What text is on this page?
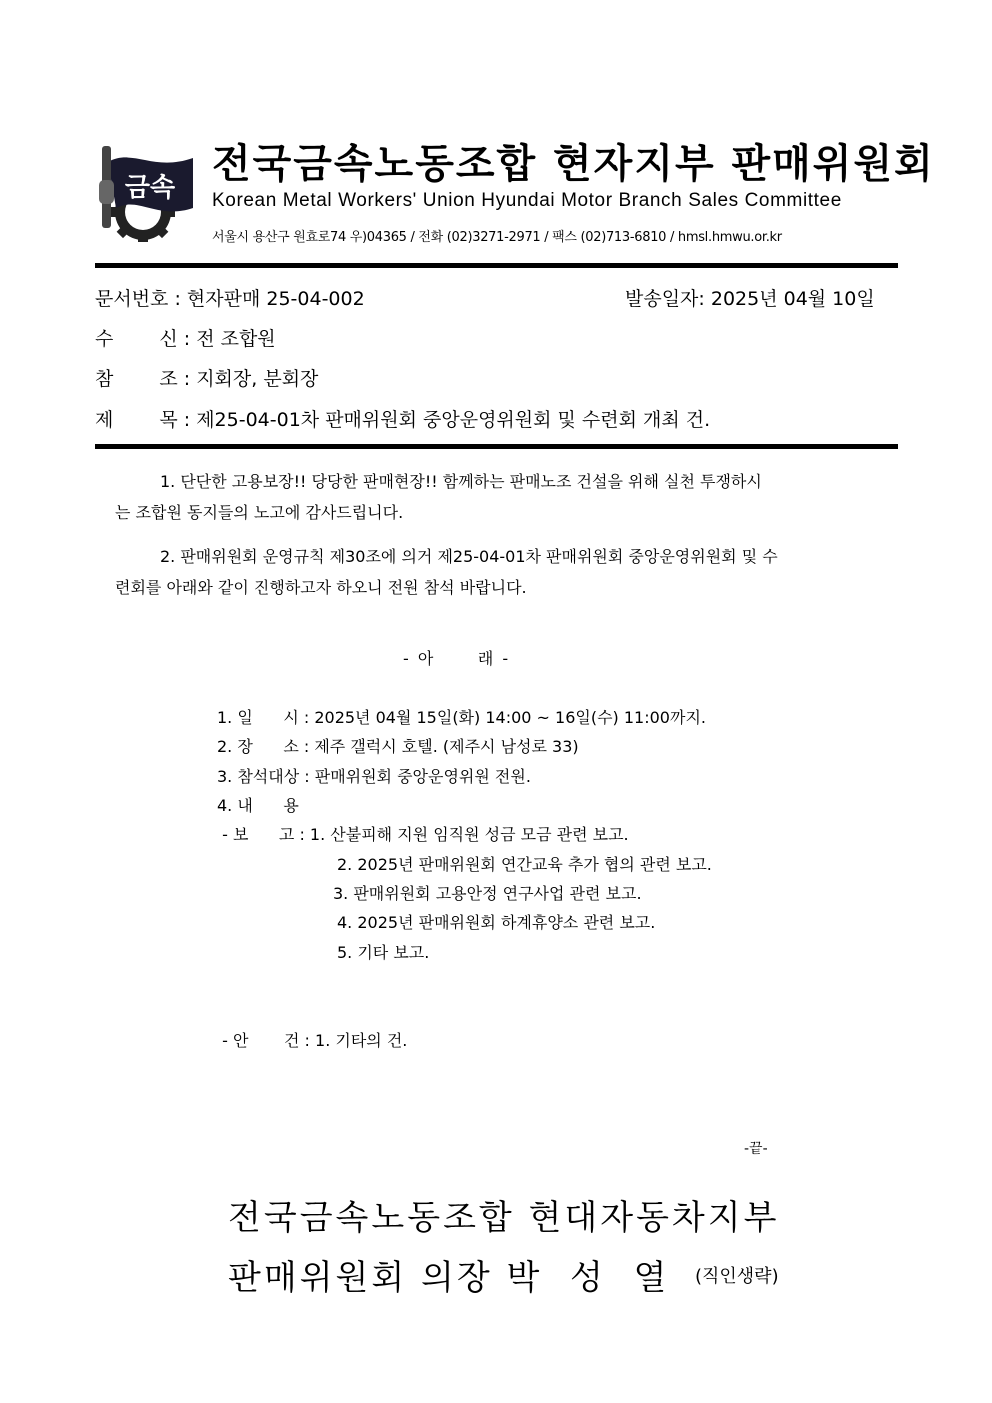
금속
전국금속노동조합 현자지부 판매위원회
Korean Metal Workers' Union Hyundai Motor Branch Sales Committee
서울시 용산구 원효로74 우)04365 / 전화 (02)3271-2971 / 팩스 (02)713-6810 / hmsl.hmwu.or.kr
문서번호 : 현자판매 25-04-002	발송일자: 2025년 04월 10일
수신 : 전 조합원
참조 : 지회장, 분회장
제목 : 제25-04-01차 판매위원회 중앙운영위원회 및 수련회 개최 건.
1. 단단한 고용보장!! 당당한 판매현장!! 함께하는 판매노조 건설을 위해 실천 투쟁하시
는 조합원 동지들의 노고에 감사드립니다.
2. 판매위원회 운영규칙 제30조에 의거 제25-04-01차 판매위원회 중앙운영위원회 및 수
련회를 아래와 같이 진행하고자 하오니 전원 참석 바랍니다.
- 아      래 -
1. 일      시 : 2025년 04월 15일(화) 14:00 ~ 16일(수) 11:00까지.
2. 장      소 : 제주 갤럭시 호텔. (제주시 남성로 33)
3. 참석대상 : 판매위원회 중앙운영위원 전원.
4. 내      용
- 보      고 : 1. 산불피해 지원 임직원 성금 모금 관련 보고.
2. 2025년 판매위원회 연간교육 추가 협의 관련 보고.
3. 판매위원회 고용안정 연구사업 관련 보고.
4. 2025년 판매위원회 하계휴양소 관련 보고.
5. 기타 보고.
- 안       건 : 1. 기타의 건.
-끝-
전국금속노동조합 현대자동차지부
판매위원회 의장 박  성  열 (직인생략)
